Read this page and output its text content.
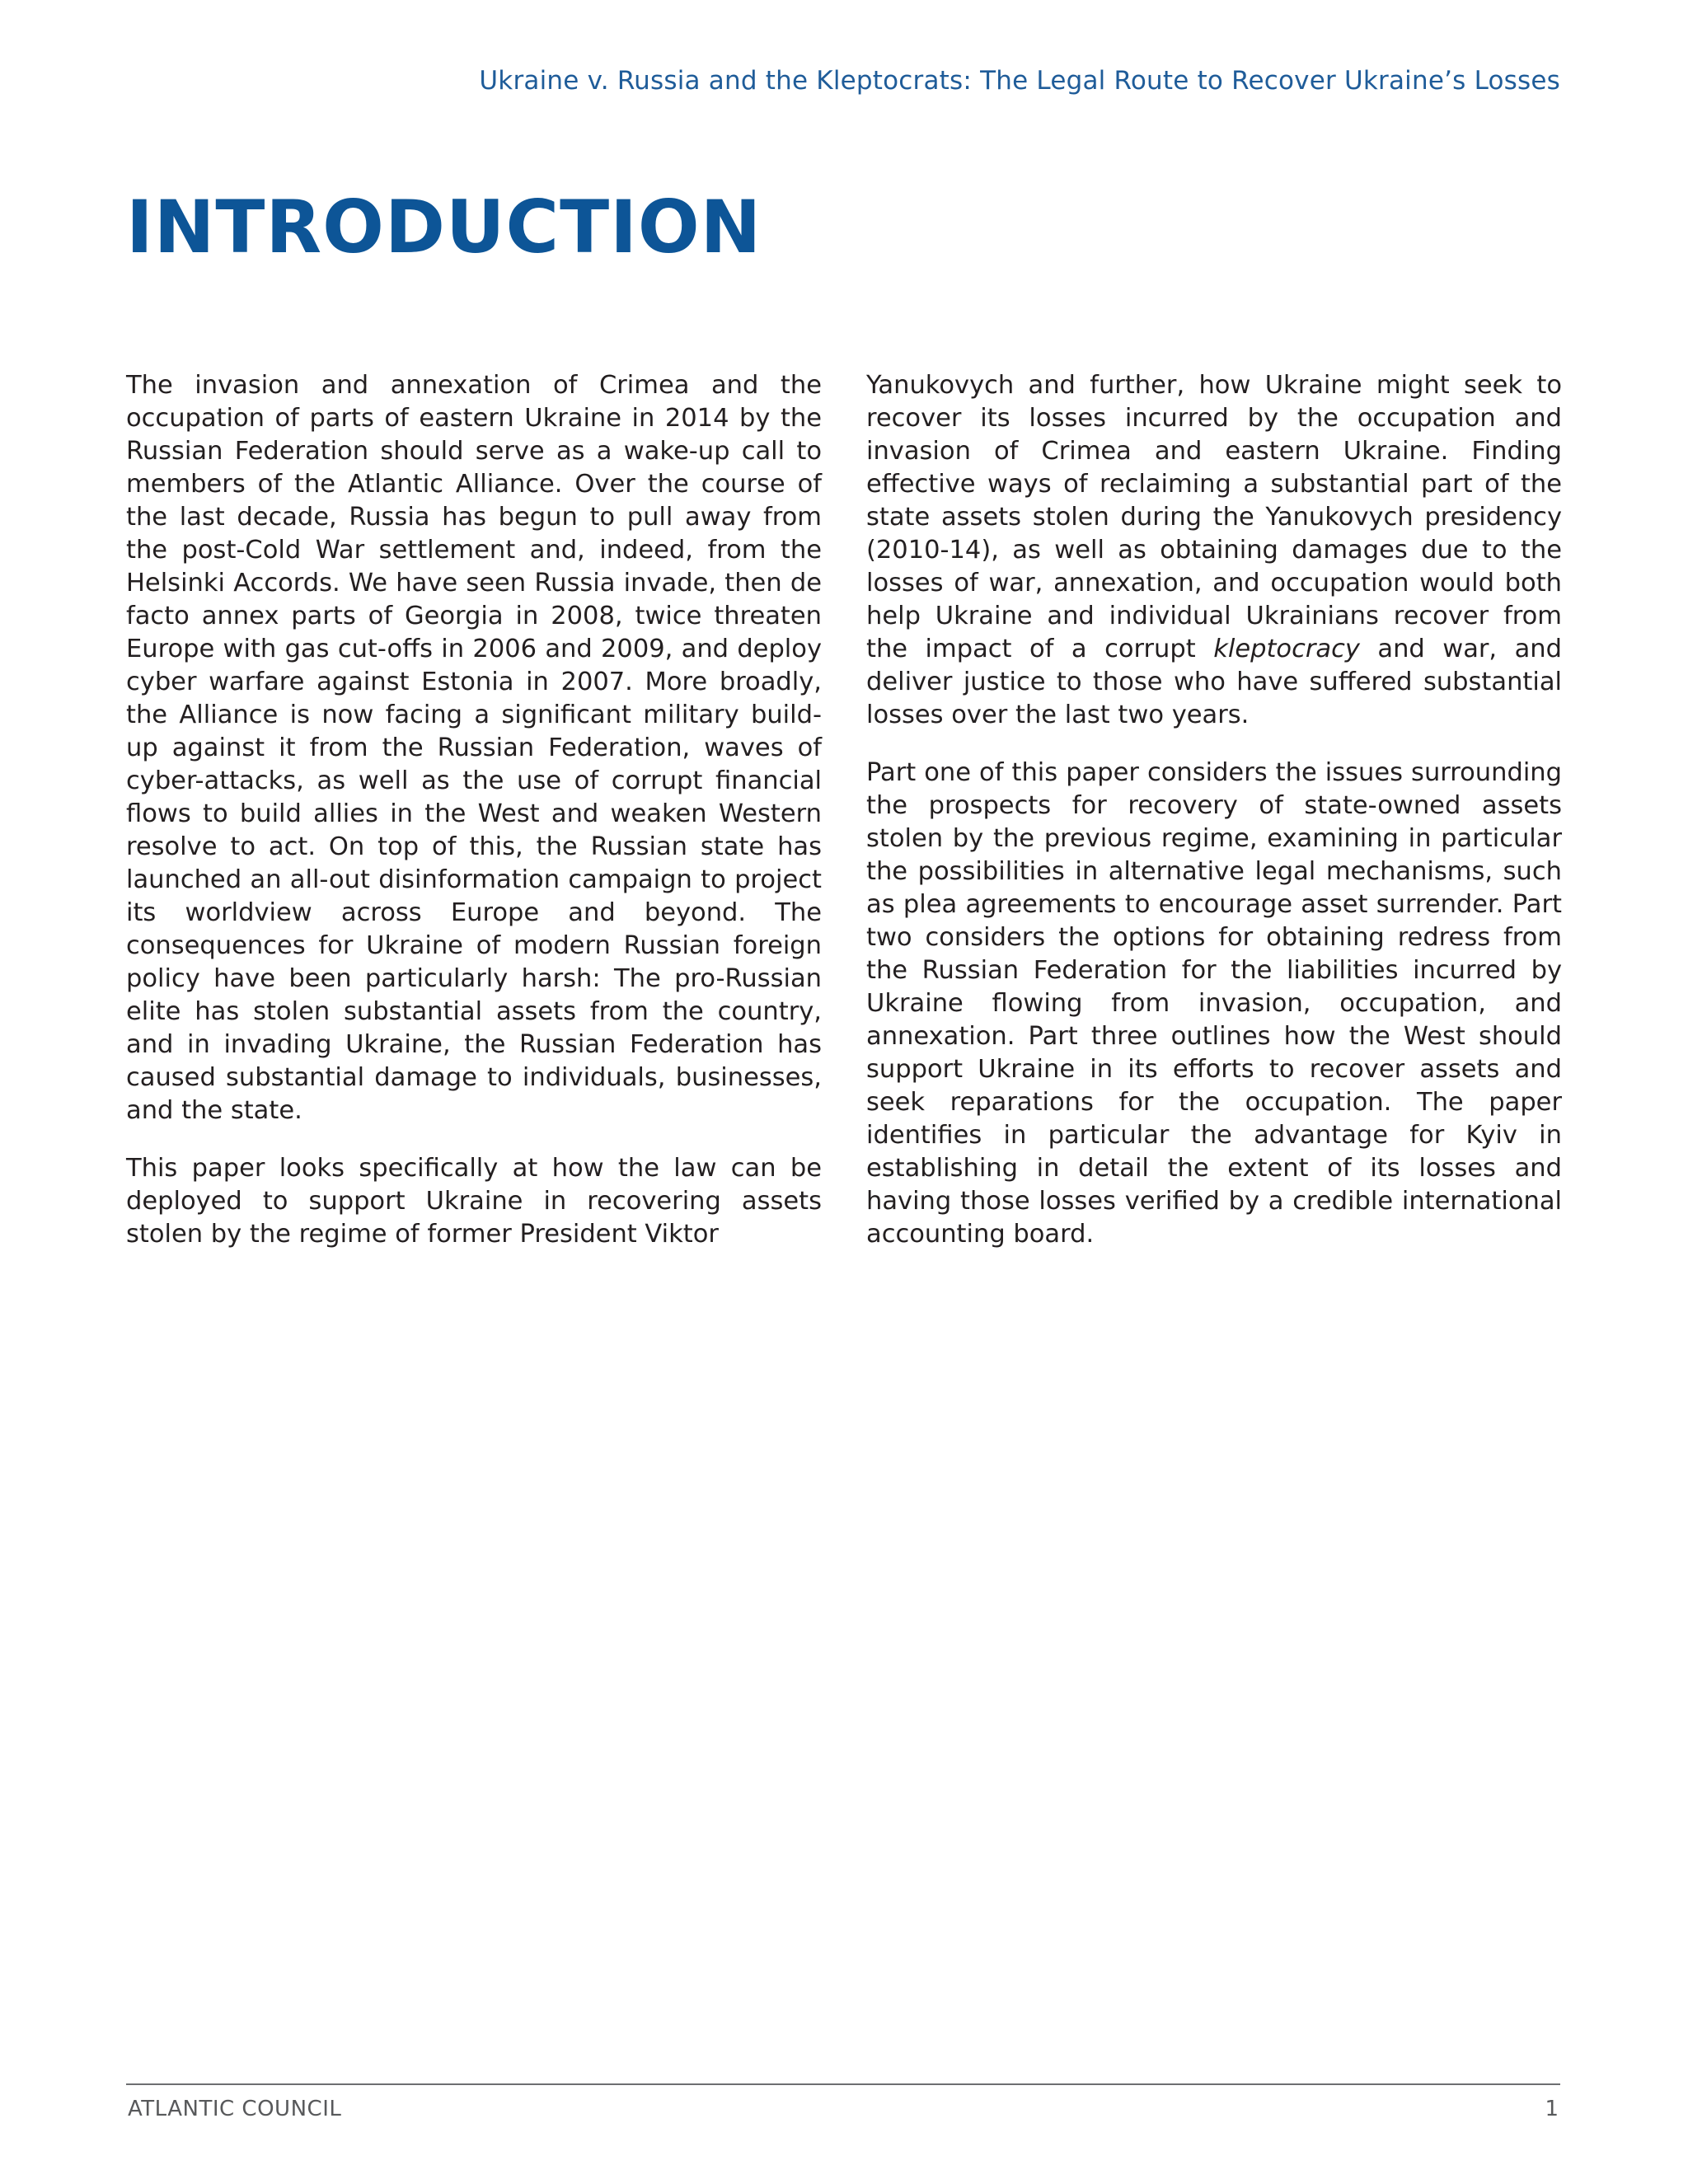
Ukraine v. Russia and the Kleptocrats: The Legal Route to Recover Ukraine’s Losses
INTRODUCTION

The invasion and annexation of Crimea and the occupation of parts of eastern Ukraine in 2014 by the Russian Federation should serve as a wake-up call to members of the Atlantic Alliance. Over the course of the last decade, Russia has begun to pull away from the post-Cold War settlement and, indeed, from the Helsinki Accords. We have seen Russia invade, then de facto annex parts of Georgia in 2008, twice threaten Europe with gas cut-offs in 2006 and 2009, and deploy cyber warfare against Estonia in 2007. More broadly, the Alliance is now facing a significant military build-up against it from the Russian Federation, waves of cyber-attacks, as well as the use of corrupt financial flows to build allies in the West and weaken Western resolve to act. On top of this, the Russian state has launched an all-out disinformation campaign to project its worldview across Europe and beyond. The consequences for Ukraine of modern Russian foreign policy have been particularly harsh: The pro-Russian elite has stolen substantial assets from the country, and in invading Ukraine, the Russian Federation has caused substantial damage to individuals, businesses, and the state.

This paper looks specifically at how the law can be deployed to support Ukraine in recovering assets stolen by the regime of former President Viktor

Yanukovych and further, how Ukraine might seek to recover its losses incurred by the occupation and invasion of Crimea and eastern Ukraine. Finding effective ways of reclaiming a substantial part of the state assets stolen during the Yanukovych presidency (2010-14), as well as obtaining damages due to the losses of war, annexation, and occupation would both help Ukraine and individual Ukrainians recover from the impact of a corrupt kleptocracy and war, and deliver justice to those who have suffered substantial losses over the last two years.

Part one of this paper considers the issues surrounding the prospects for recovery of state-owned assets stolen by the previous regime, examining in particular the possibilities in alternative legal mechanisms, such as plea agreements to encourage asset surrender. Part two considers the options for obtaining redress from the Russian Federation for the liabilities incurred by Ukraine flowing from invasion, occupation, and annexation. Part three outlines how the West should support Ukraine in its efforts to recover assets and seek reparations for the occupation. The paper identifies in particular the advantage for Kyiv in establishing in detail the extent of its losses and having those losses verified by a credible international accounting board.

ATLANTIC COUNCIL	1
